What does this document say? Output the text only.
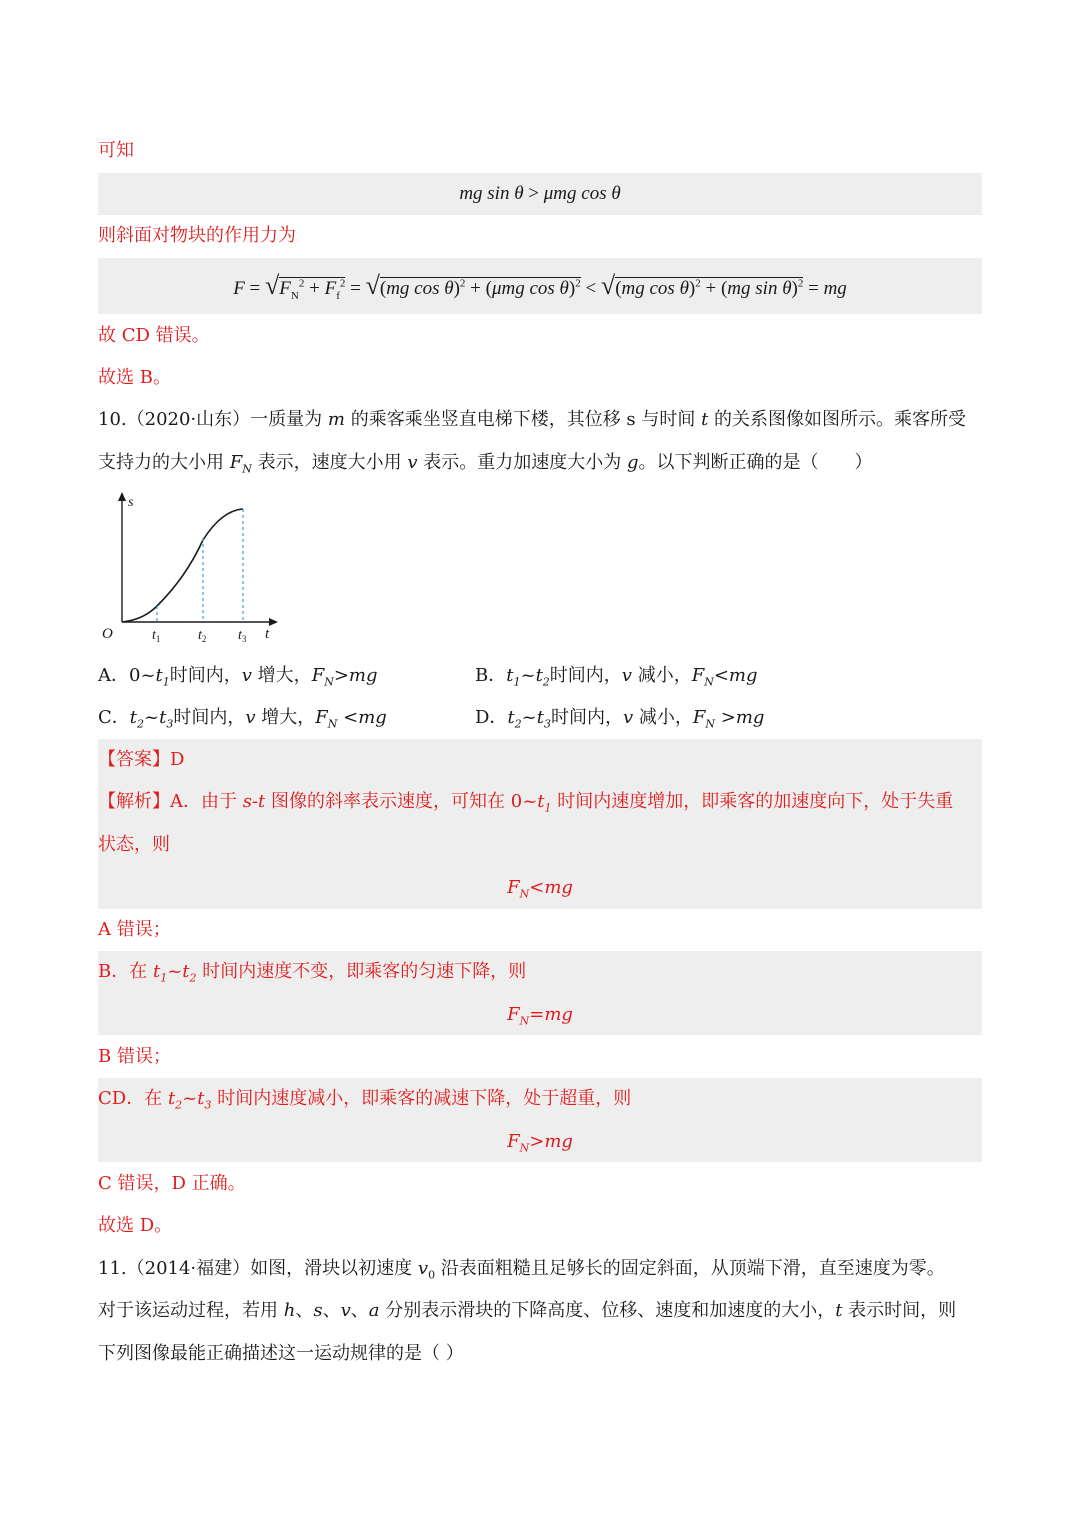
可知
mg sin θ > μmg cos θ
则斜面对物块的作用力为
$F = √F_N^2 + F_f^2 = √(mg$ cos θ)$^2$ + (μmg cos θ)$^2$ < √(mg cos θ)$^2$ + (mg sin θ)$^2$ = mg
故 CD 错误。
故选 B。
10.（2020·山东）一质量为 m 的乘客乘坐竖直电梯下楼，其位移 s 与时间 t 的关系图像如图所示。乘客所受
支持力的大小用 $F_N$ 表示，速度大小用 v 表示。重力加速度大小为 g。以下判断正确的是（　　）
s
O	$t_1$	$t_2$ $t_3$ t
A．$0\sim t_1$时间内，v 增大，$F_N>mg$	B．$t_1\sim t_2$时间内，v 减小，$F_N<mg$
C．$t_2\sim t_3$时间内，v 增大，$F_N <mg$	D．$t_2\sim t_3$时间内，v 减小，$F_N >mg$
【答案】D
【解析】A．由于 s-t 图像的斜率表示速度，可知在 $0\sim t_1$ 时间内速度增加，即乘客的加速度向下，处于失重
状态，则
$F_N<mg$
A 错误；
B．在 $t_1\sim t_2$ 时间内速度不变，即乘客的匀速下降，则
$F_N=mg$
B 错误；
CD．在 $t_2\sim t_3$ 时间内速度减小，即乘客的减速下降，处于超重，则
$F_N>mg$
C 错误，D 正确。
故选 D。
11.（2014·福建）如图，滑块以初速度 $v_0$ 沿表面粗糙且足够长的固定斜面，从顶端下滑，直至速度为零。
对于该运动过程，若用 h、s、v、a 分别表示滑块的下降高度、位移、速度和加速度的大小，t 表示时间，则
下列图像最能正确描述这一运动规律的是（ ）
